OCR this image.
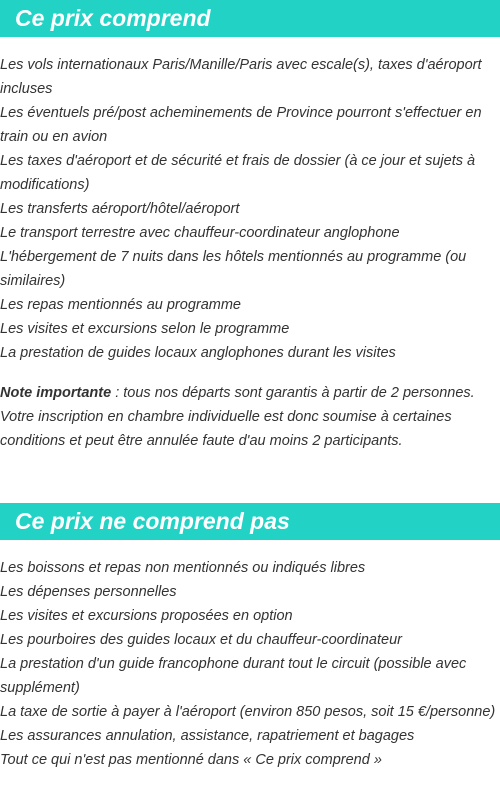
Ce prix comprend
Les vols internationaux Paris/Manille/Paris avec escale(s), taxes d'aéroport incluses
Les éventuels pré/post acheminements de Province pourront s'effectuer en train ou en avion
Les taxes d'aéroport et de sécurité et frais de dossier (à ce jour et sujets à modifications)
Les transferts aéroport/hôtel/aéroport
Le transport terrestre avec chauffeur-coordinateur anglophone
L'hébergement de 7 nuits dans les hôtels mentionnés au programme (ou similaires)
Les repas mentionnés au programme
Les visites et excursions selon le programme
La prestation de guides locaux anglophones durant les visites

Note importante : tous nos départs sont garantis à partir de 2 personnes. Votre inscription en chambre individuelle est donc soumise à certaines conditions et peut être annulée faute d'au moins 2 participants.

Ce prix ne comprend pas
Les boissons et repas non mentionnés ou indiqués libres
Les dépenses personnelles
Les visites et excursions proposées en option
Les pourboires des guides locaux et du chauffeur-coordinateur
La prestation d'un guide francophone durant tout le circuit (possible avec supplément)
La taxe de sortie à payer à l'aéroport (environ 850 pesos, soit 15 €/personne)
Les assurances annulation, assistance, rapatriement et bagages
Tout ce qui n'est pas mentionné dans « Ce prix comprend »
